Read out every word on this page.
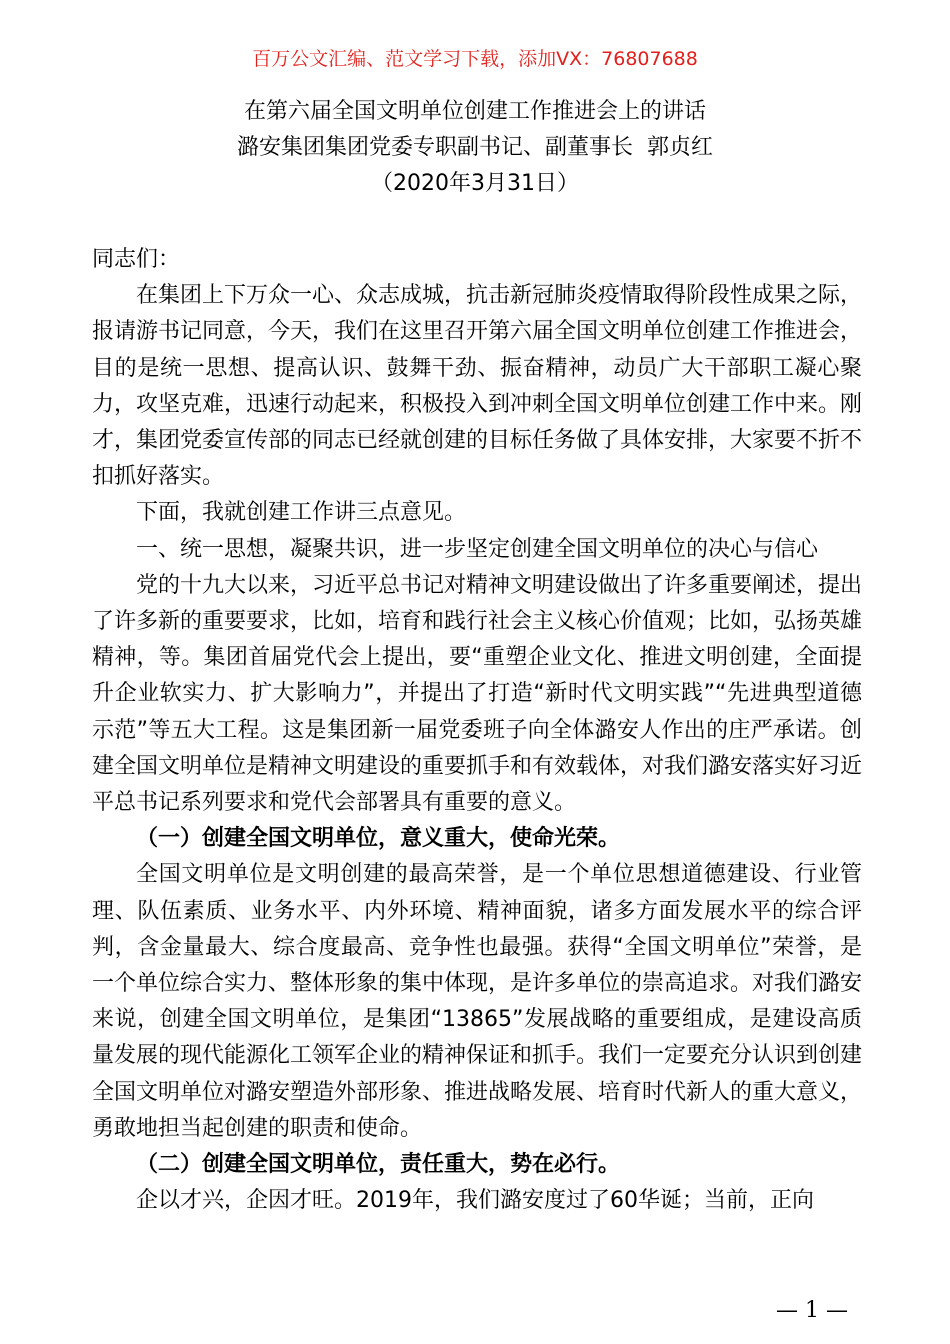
百万公文汇编、范文学习下载，添加VX：76807688
在第六届全国文明单位创建工作推进会上的讲话
潞安集团集团党委专职副书记、副董事长  郭贞红
（2020年3月31日）

同志们：

在集团上下万众一心、众志成城，抗击新冠肺炎疫情取得阶段性成果之际，报请游书记同意，今天，我们在这里召开第六届全国文明单位创建工作推进会，目的是统一思想、提高认识、鼓舞干劲、振奋精神，动员广大干部职工凝心聚力，攻坚克难，迅速行动起来，积极投入到冲刺全国文明单位创建工作中来。刚才，集团党委宣传部的同志已经就创建的目标任务做了具体安排，大家要不折不扣抓好落实。

下面，我就创建工作讲三点意见。

一、统一思想，凝聚共识，进一步坚定创建全国文明单位的决心与信心

党的十九大以来，习近平总书记对精神文明建设做出了许多重要阐述，提出了许多新的重要要求，比如，培育和践行社会主义核心价值观；比如，弘扬英雄精神，等。集团首届党代会上提出，要“重塑企业文化、推进文明创建，全面提升企业软实力、扩大影响力”，并提出了打造“新时代文明实践”“先进典型道德示范”等五大工程。这是集团新一届党委班子向全体潞安人作出的庄严承诺。创建全国文明单位是精神文明建设的重要抓手和有效载体，对我们潞安落实好习近平总书记系列要求和党代会部署具有重要的意义。

（一）创建全国文明单位，意义重大，使命光荣。

全国文明单位是文明创建的最高荣誉，是一个单位思想道德建设、行业管理、队伍素质、业务水平、内外环境、精神面貌，诸多方面发展水平的综合评判，含金量最大、综合度最高、竞争性也最强。获得“全国文明单位”荣誉，是一个单位综合实力、整体形象的集中体现，是许多单位的崇高追求。对我们潞安来说，创建全国文明单位，是集团“13865”发展战略的重要组成，是建设高质量发展的现代能源化工领军企业的精神保证和抓手。我们一定要充分认识到创建全国文明单位对潞安塑造外部形象、推进战略发展、培育时代新人的重大意义，勇敢地担当起创建的职责和使命。

（二）创建全国文明单位，责任重大，势在必行。

企以才兴，企因才旺。2019年，我们潞安度过了60华诞；当前，正向

— 1 —
